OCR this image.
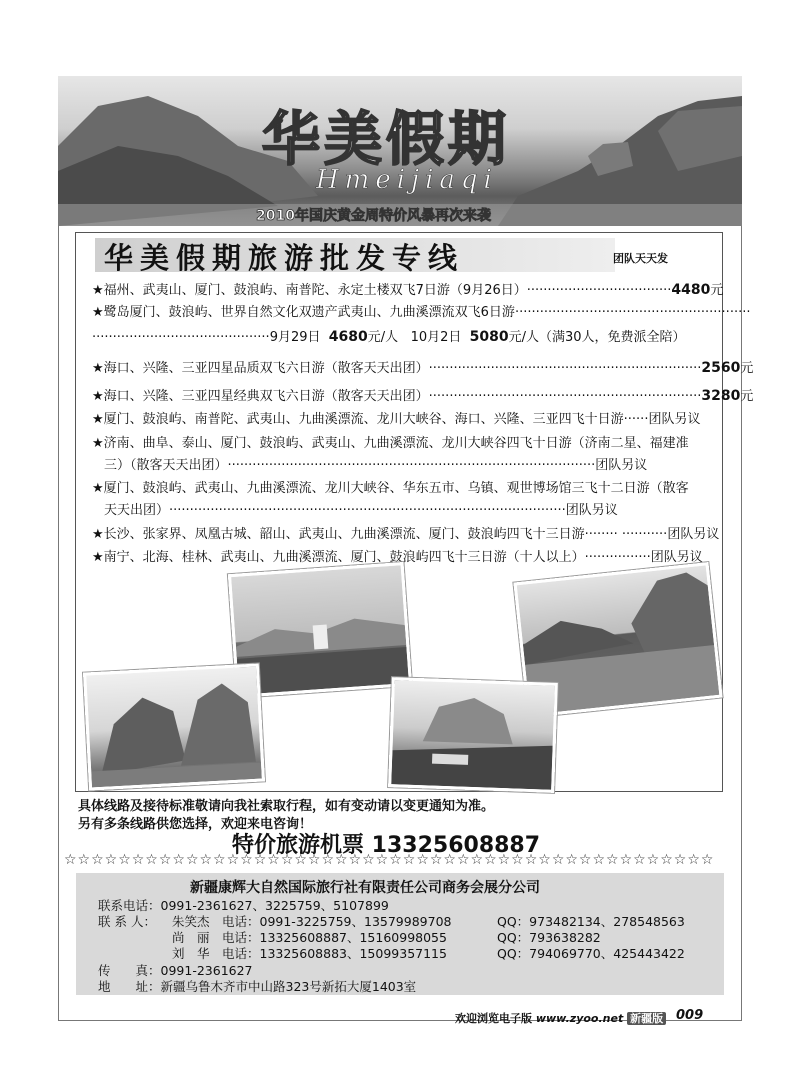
华美假期
Hmeijiaqi
2010年国庆黄金周特价风暴再次来袭
华美假期旅游批发专线	团队天天发
★福州、武夷山、厦门、鼓浪屿、南普陀、永定土楼双飞7日游（9月26日）···································4480元
★鹭岛厦门、鼓浪屿、世界自然文化双遗产武夷山、九曲溪漂流双飞6日游·························································
···········································9月29日 4680元/人 10月2日 5080元/人（满30人，免费派全陪）
★海口、兴隆、三亚四星品质双飞六日游（散客天天出团）··································································2560元
★海口、兴隆、三亚四星经典双飞六日游（散客天天出团）··································································3280元
★厦门、鼓浪屿、南普陀、武夷山、九曲溪漂流、龙川大峡谷、海口、兴隆、三亚四飞十日游······团队另议
★济南、曲阜、泰山、厦门、鼓浪屿、武夷山、九曲溪漂流、龙川大峡谷四飞十日游（济南二星、福建准
三）（散客天天出团）·························································································团队另议
★厦门、鼓浪屿、武夷山、九曲溪漂流、龙川大峡谷、华东五市、乌镇、观世博场馆三飞十二日游（散客
天天出团）································································································团队另议
★长沙、张家界、凤凰古城、韶山、武夷山、九曲溪漂流、厦门、鼓浪屿四飞十三日游········ ···········团队另议
★南宁、北海、桂林、武夷山、九曲溪漂流、厦门、鼓浪屿四飞十三日游（十人以上）················团队另议
具体线路及接待标准敬请向我社索取行程，如有变动请以变更通知为准。
另有多条线路供您选择，欢迎来电咨询！
特价旅游机票 13325608887
☆☆☆☆☆☆☆☆☆☆☆☆☆☆☆☆☆☆☆☆☆☆☆☆☆☆☆☆☆☆☆☆☆☆☆☆☆☆☆☆☆☆☆☆☆☆☆☆
新疆康辉大自然国际旅行社有限责任公司商务会展分公司
联系电话：0991-2361627、3225759、5107899
联 系 人： 朱笑杰 电话：0991-3225759、13579989708	QQ：973482134、278548563
尚　丽 电话：13325608887、15160998055	QQ：793638282
刘　华 电话：13325608883、15099357115	QQ：794069770、425443422
传　　真：0991-2361627
地　　址：新疆乌鲁木齐市中山路323号新拓大厦1403室
欢迎浏览电子版 www.zyoo.net 新疆版 009
